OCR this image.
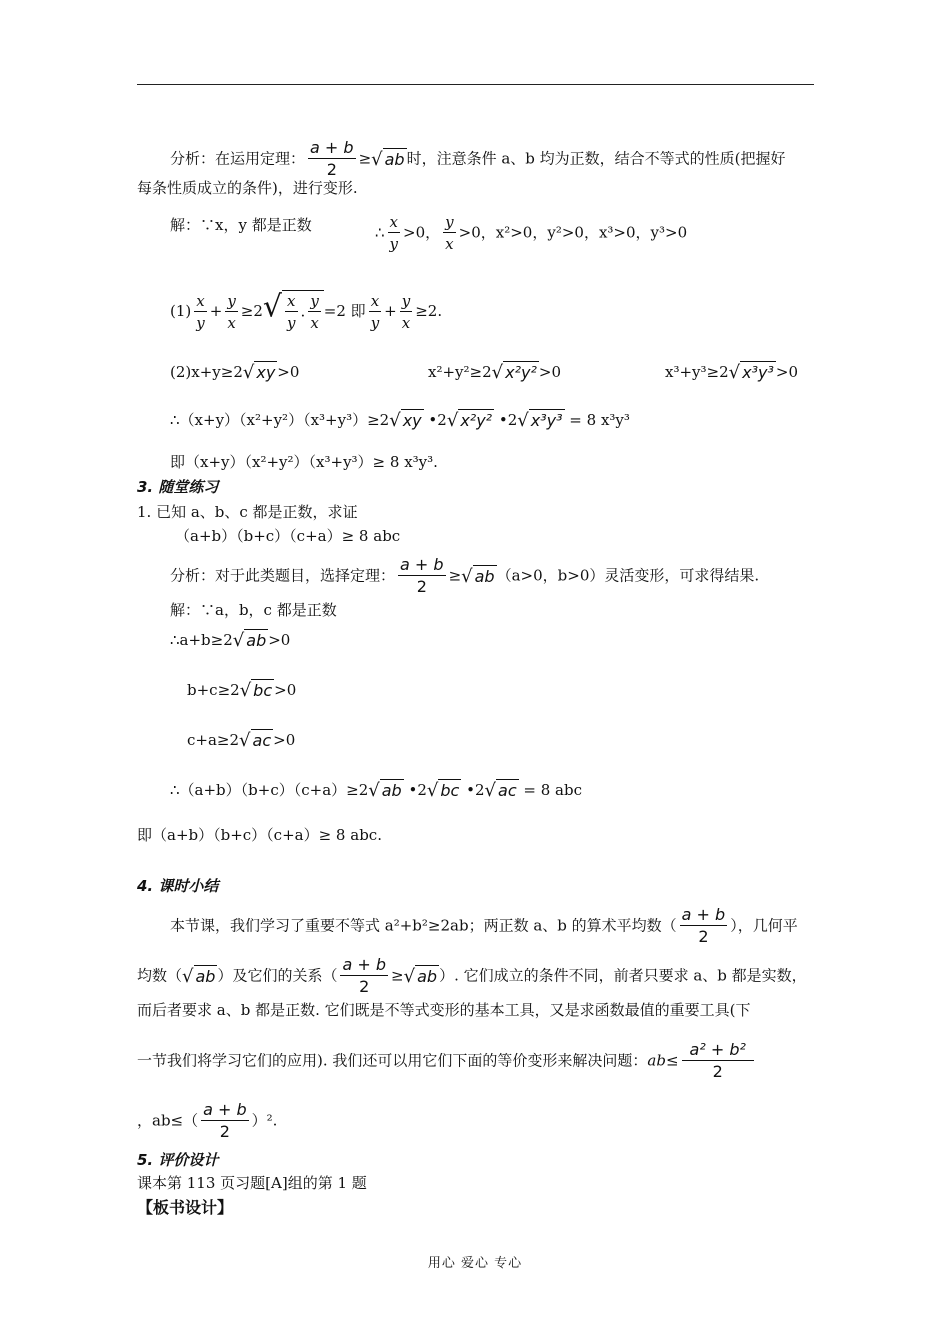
分析：在运用定理： $\frac{a + b}{2}$ ≥√ ab 时，注意条件 a、b 均为正数，结合不等式的性质(把握好
每条性质成立的条件)，进行变形.
解：∵x，y 都是正数	∴ $\frac{x}{y} >0$， $\frac{y}{x} >0$，x²>0，y²>0，x³>0，y³>0
$(1) \frac{x}{y} + \frac{y}{x} \ge 2√ \frac{x}{y}$ . $\frac{y}{x} =2$ 即 $\frac{x}{y} + \frac{y}{x} \ge 2$.
(2)x+y≥2√ xy >0	x²+y²≥2√ x²y² >0	x³+y³≥2√ x³y³ >0
∴（x+y）（x²+y²）（x³+y³）≥2√ xy •2√ x²y² •2√ x³y³ = 8 x³y³
即（x+y）（x²+y²）（x³+y³）≥ 8 x³y³.
3. 随堂练习
1. 已知 a、b、c 都是正数，求证
（a+b）（b+c）（c+a）≥ 8 abc
分析：对于此类题目，选择定理： $\frac{a + b}{2}$ ≥√ ab （a>0，b>0）灵活变形，可求得结果.
解：∵a，b，c 都是正数
∴a+b≥2√ ab >0
b+c≥2√ bc >0
c+a≥2√ ac >0
∴（a+b）（b+c）（c+a）≥2√ ab •2√ bc •2√ ac = 8 abc
即（a+b）（b+c）（c+a）≥ 8 abc.
4. 课时小结
本节课，我们学习了重要不等式 a²+b²≥2ab；两正数 a、b 的算术平均数（ $\frac{a + b}{2}$ ），几何平
均数（√ ab ）及它们的关系（ $\frac{a + b}{2}$ ≥√ ab ）. 它们成立的条件不同，前者只要求 a、b 都是实数，
而后者要求 a、b 都是正数. 它们既是不等式变形的基本工具，又是求函数最值的重要工具(下
一节我们将学习它们的应用). 我们还可以用它们下面的等价变形来解决问题：$ab\le \frac{\text{a² + b²}}{2}$
，$ab\le( \frac{a + b}{2} )^2$.
5. 评价设计
课本第 113 页习题[A]组的第 1 题
【板书设计】
用心 爱心 专心
